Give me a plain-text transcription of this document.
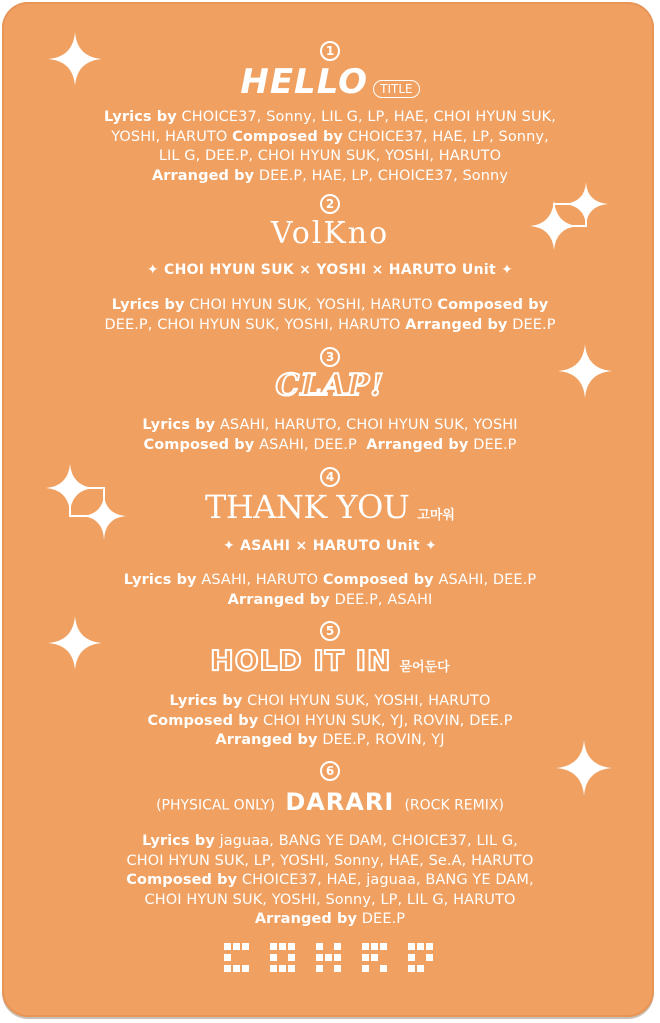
1
HELLO TITLE
Lyrics by CHOICE37, Sonny, LIL G, LP, HAE, CHOI HYUN SUK,
YOSHI, HARUTO Composed by CHOICE37, HAE, LP, Sonny,
LIL G, DEE.P, CHOI HYUN SUK, YOSHI, HARUTO
Arranged by DEE.P, HAE, LP, CHOICE37, Sonny
2
VolKno
✦ CHOI HYUN SUK × YOSHI × HARUTO Unit ✦
Lyrics by CHOI HYUN SUK, YOSHI, HARUTO Composed by
DEE.P, CHOI HYUN SUK, YOSHI, HARUTO Arranged by DEE.P
3
CLAP!
Lyrics by ASAHI, HARUTO, CHOI HYUN SUK, YOSHI
Composed by ASAHI, DEE.P Arranged by DEE.P
4
THANK YOU 고마워
✦ ASAHI × HARUTO Unit ✦
Lyrics by ASAHI, HARUTO Composed by ASAHI, DEE.P
Arranged by DEE.P, ASAHI
5
HOLD IT IN 묻어둔다
Lyrics by CHOI HYUN SUK, YOSHI, HARUTO
Composed by CHOI HYUN SUK, YJ, ROVIN, DEE.P
Arranged by DEE.P, ROVIN, YJ
6
(PHYSICAL ONLY) DARARI (ROCK REMIX)
Lyrics by jaguaa, BANG YE DAM, CHOICE37, LIL G,
CHOI HYUN SUK, LP, YOSHI, Sonny, HAE, Se.A, HARUTO
Composed by CHOICE37, HAE, jaguaa, BANG YE DAM,
CHOI HYUN SUK, YOSHI, Sonny, LP, LIL G, HARUTO
Arranged by DEE.P
